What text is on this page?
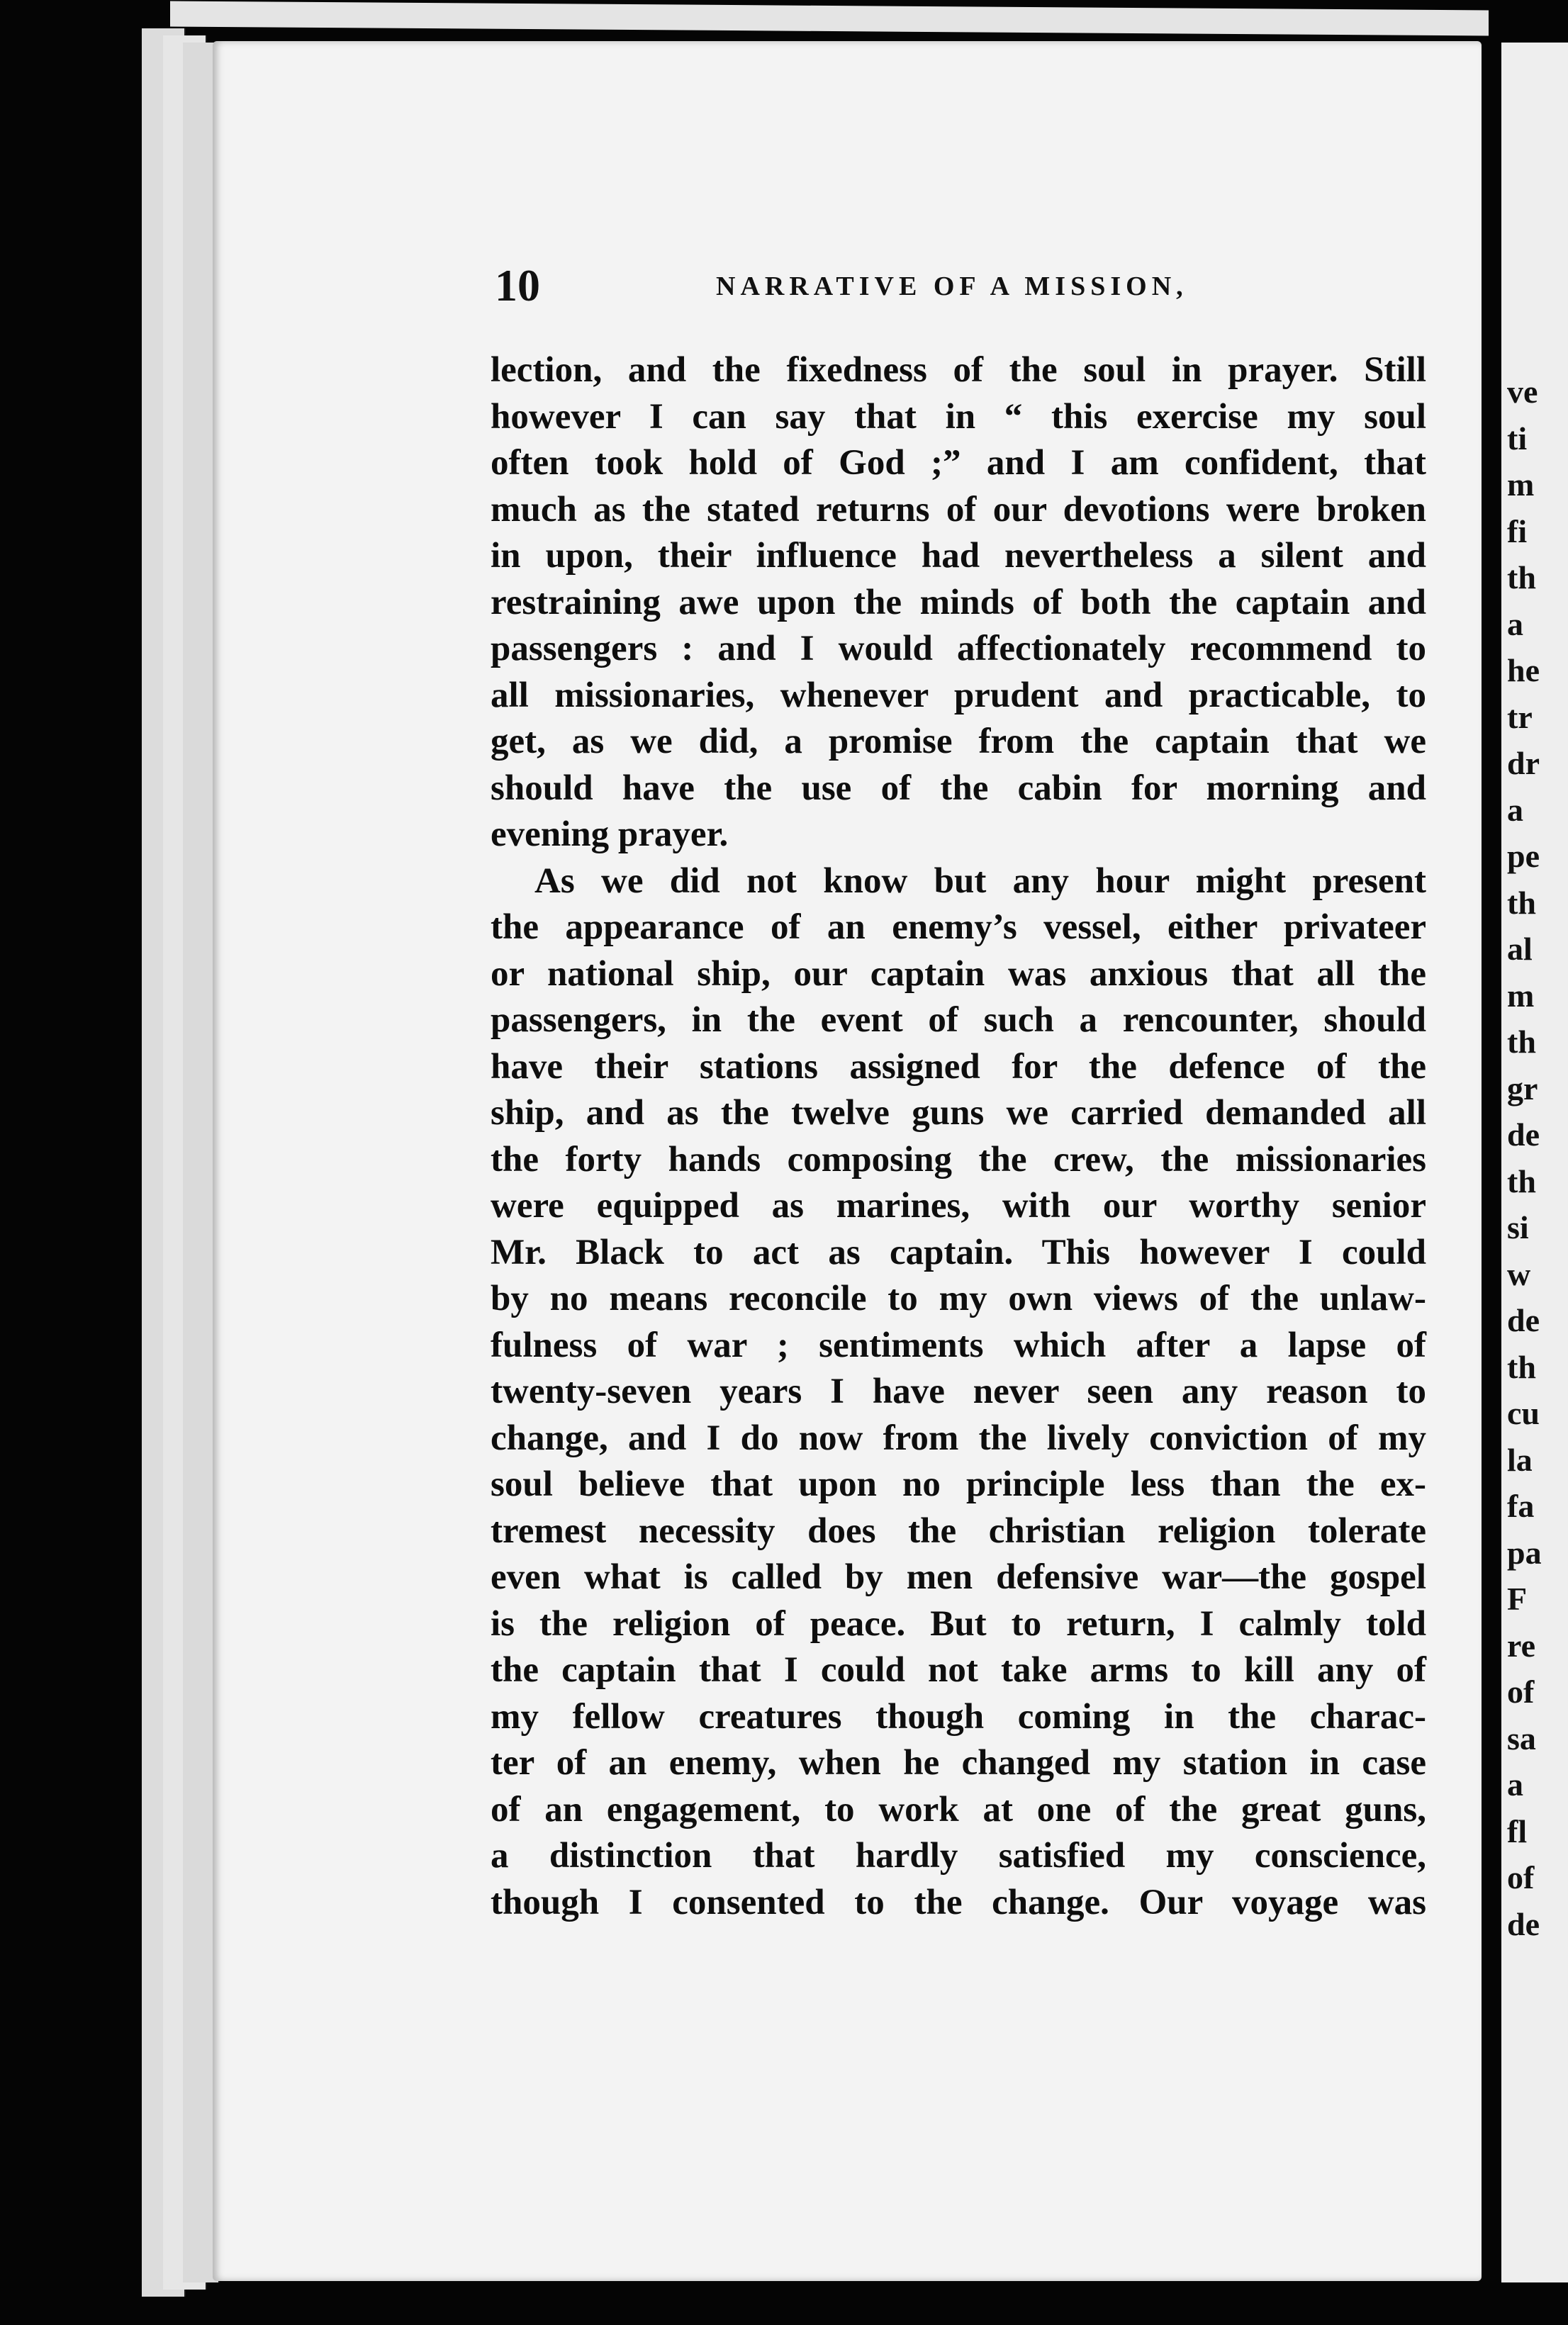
ve
ti
m
fi
th
a
he
tr
dr
a
pe
th
al
m
th
gr
de
th
si
w
de
th
cu
la
fa
pa
F
re
of
sa
a
fl
of
de
10	NARRATIVE OF A MISSION,
lection, and the fixedness of the soul in prayer. Still
however I can say that in “ this exercise my soul
often took hold of God ;” and I am confident, that
much as the stated returns of our devotions were broken
in upon, their influence had nevertheless a silent and
restraining awe upon the minds of both the captain and
passengers : and I would affectionately recommend to
all missionaries, whenever prudent and practicable, to
get, as we did, a promise from the captain that we
should have the use of the cabin for morning and
evening prayer.
As we did not know but any hour might present
the appearance of an enemy’s vessel, either privateer
or national ship, our captain was anxious that all the
passengers, in the event of such a rencounter, should
have their stations assigned for the defence of the
ship, and as the twelve guns we carried demanded all
the forty hands composing the crew, the missionaries
were equipped as marines, with our worthy senior
Mr. Black to act as captain. This however I could
by no means reconcile to my own views of the unlaw-
fulness of war ; sentiments which after a lapse of
twenty-seven years I have never seen any reason to
change, and I do now from the lively conviction of my
soul believe that upon no principle less than the ex-
tremest necessity does the christian religion tolerate
even what is called by men defensive war—the gospel
is the religion of peace. But to return, I calmly told
the captain that I could not take arms to kill any of
my fellow creatures though coming in the charac-
ter of an enemy, when he changed my station in case
of an engagement, to work at one of the great guns,
a distinction that hardly satisfied my conscience,
though I consented to the change. Our voyage was
